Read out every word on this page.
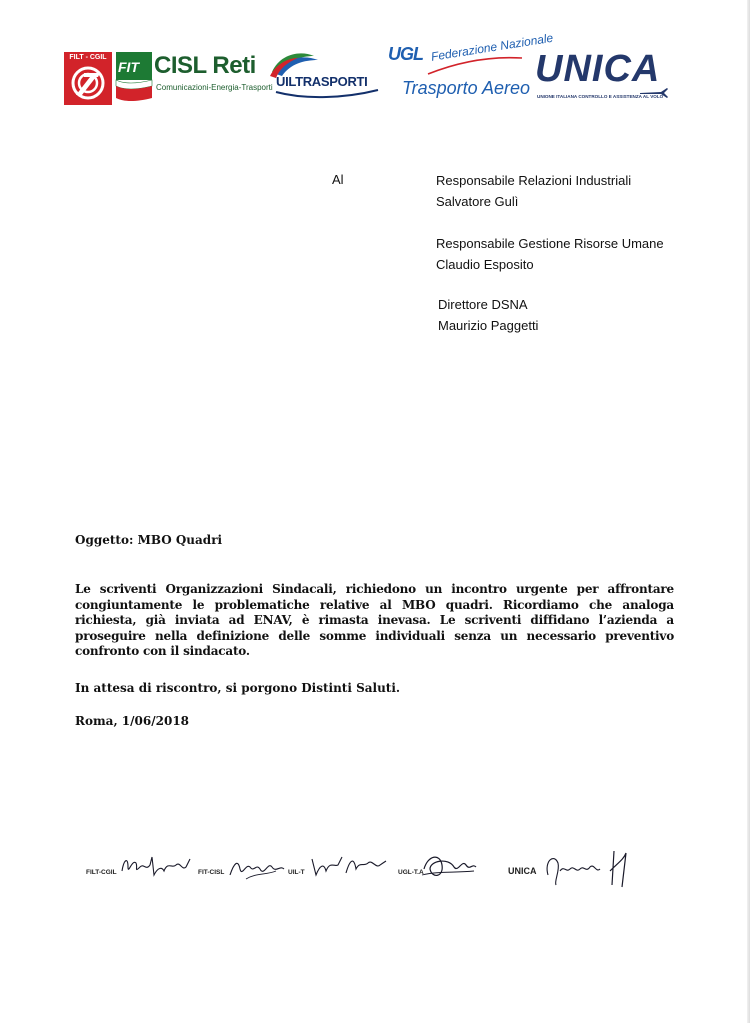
FILT - CGIL
FIT CISL Reti
Comunicazioni-Energia-Trasporti UILTRASPORTI
UGL Federazione Nazionale
Trasporto Aereo UNICA
UNIONE ITALIANA CONTROLLO E ASSISTENZA AL VOLO
Al	Responsabile Relazioni Industriali
Salvatore Gulì
Responsabile Gestione Risorse Umane
Claudio Esposito
Direttore DSNA
Maurizio Paggetti
Oggetto: MBO Quadri
Le scriventi Organizzazioni Sindacali, richiedono un incontro urgente per affrontare congiuntamente le problematiche relative al MBO quadri. Ricordiamo che analoga richiesta, già inviata ad ENAV, è rimasta inevasa. Le scriventi diffidano l’azienda a proseguire nella definizione delle somme individuali senza un necessario preventivo confronto con il sindacato.
In attesa di riscontro, si porgono Distinti Saluti.
Roma, 1/06/2018
FILT-CGIL	FIT-CISL	UIL-T	UGL-T.A	UNICA
